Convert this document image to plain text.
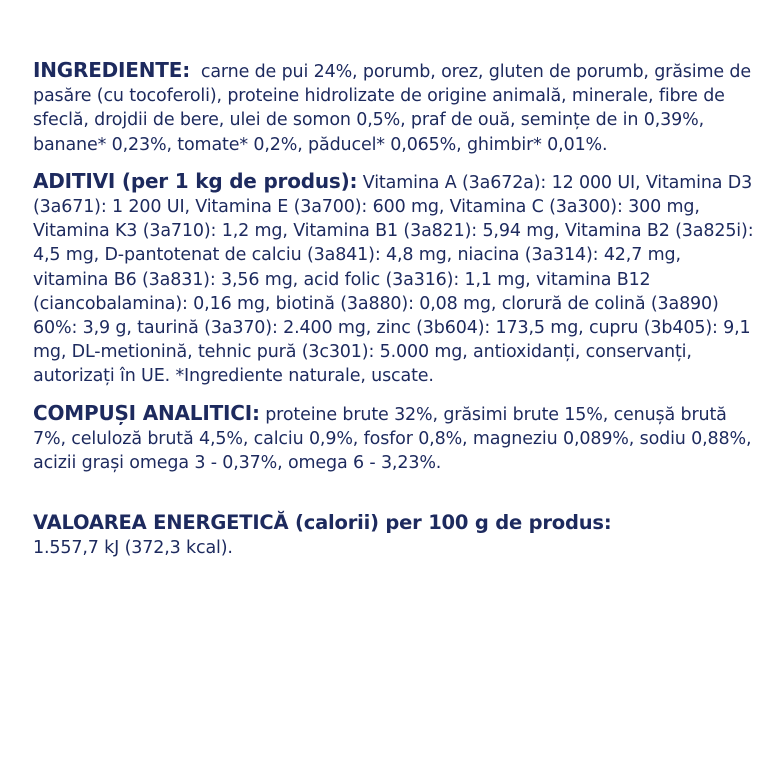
INGREDIENTE: carne de pui 24%, porumb, orez, gluten de porumb, grăsime de pasăre (cu tocoferoli), proteine hidrolizate de origine animală, minerale, fibre de sfeclă, drojdii de bere, ulei de somon 0,5%, praf de ouă, semințe de in 0,39%, banane* 0,23%, tomate* 0,2%, păducel* 0,065%, ghimbir* 0,01%.

ADITIVI (per 1 kg de produs): Vitamina A (3a672a): 12 000 UI, Vitamina D3 (3a671): 1 200 UI, Vitamina E (3a700): 600 mg, Vitamina C (3a300): 300 mg, Vitamina K3 (3a710): 1,2 mg, Vitamina B1 (3a821): 5,94 mg, Vitamina B2 (3a825i): 4,5 mg, D-pantotenat de calciu (3a841): 4,8 mg, niacina (3a314): 42,7 mg, vitamina B6 (3a831): 3,56 mg, acid folic (3a316): 1,1 mg, vitamina B12 (ciancobalamina): 0,16 mg, biotină (3a880): 0,08 mg, clorură de colină (3a890) 60%: 3,9 g, taurină (3a370): 2.400 mg, zinc (3b604): 173,5 mg, cupru (3b405): 9,1 mg, DL-metionină, tehnic pură (3c301): 5.000 mg, antioxidanți, conservanți, autorizați în UE. *Ingrediente naturale, uscate.

COMPUȘI ANALITICI: proteine brute 32%, grăsimi brute 15%, cenușă brută 7%, celuloză brută 4,5%, calciu 0,9%, fosfor 0,8%, magneziu 0,089%, sodiu 0,88%, acizii grași omega 3 - 0,37%, omega 6 - 3,23%.

VALOAREA ENERGETICĂ (calorii) per 100 g de produs:
1.557,7 kJ (372,3 kcal).
